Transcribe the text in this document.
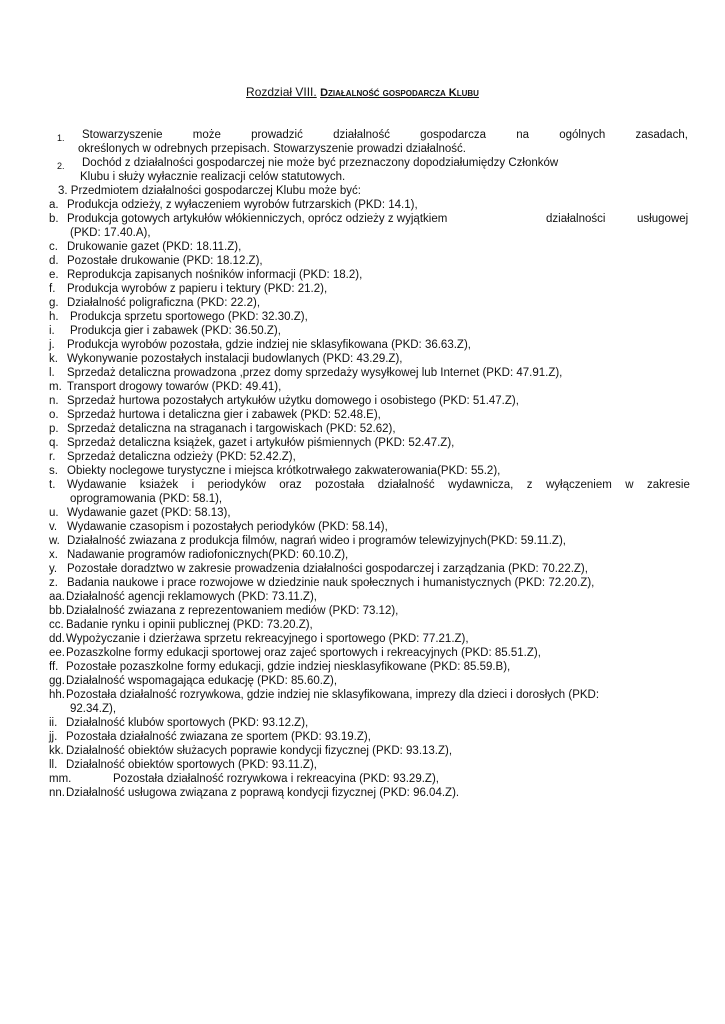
Rozdział VIII. Działalność gospodarcza Klubu
1. Stowarzyszenie	może	prowadzić	działalność	gospodarcza	na	ogólnych	zasadach,
określonych w odrebnych przepisach. Stowarzyszenie prowadzi działalność.
2. Dochód z działalności gospodarczej nie może być przeznaczony dopodziałumiędzy Członków
Klubu i służy wyłacznie realizacji celów statutowych.
3. Przedmiotem działalności gospodarczej Klubu może być:
a. Produkcja odzieży, z wyłaczeniem wyrobów futrzarskich (PKD: 14.1),
b. Produkcja gotowych artykułów włókienniczych, oprócz odzieży z wyjątkiem	działalności	usługowej
(PKD: 17.40.A),
c. Drukowanie gazet (PKD: 18.11.Z),
d. Pozostałe drukowanie (PKD: 18.12.Z),
e. Reprodukcja zapisanych nośników informacji (PKD: 18.2),
f. Produkcja wyrobów z papieru i tektury (PKD: 21.2),
g. Działalność poligraficzna (PKD: 22.2),
h. Produkcja sprzetu sportowego (PKD: 32.30.Z),
i. Produkcja gier i zabawek (PKD: 36.50.Z),
j. Produkcja wyrobów pozostała, gdzie indziej nie sklasyfikowana (PKD: 36.63.Z),
k. Wykonywanie pozostałych instalacji budowlanych (PKD: 43.29.Z),
l. Sprzedaż detaliczna prowadzona ,przez domy sprzedaży wysyłkowej lub Internet (PKD: 47.91.Z),
m. Transport drogowy towarów (PKD: 49.41),
n. Sprzedaż hurtowa pozostałych artykułów użytku domowego i osobistego (PKD: 51.47.Z),
o. Sprzedaż hurtowa i detaliczna gier i zabawek (PKD: 52.48.E),
p. Sprzedaż detaliczna na straganach i targowiskach (PKD: 52.62),
q. Sprzedaż detaliczna książek, gazet i artykułów piśmiennych (PKD: 52.47.Z),
r. Sprzedaż detaliczna odzieży (PKD: 52.42.Z),
s. Obiekty noclegowe turystyczne i miejsca krótkotrwałego zakwaterowania(PKD: 55.2),
t. Wydawanie ksiażek i periodyków oraz pozostała działalność wydawnicza, z wyłączeniem w zakresie
oprogramowania (PKD: 58.1),
u. Wydawanie gazet (PKD: 58.13),
v. Wydawanie czasopism i pozostałych periodyków (PKD: 58.14),
w. Działalność zwiazana z produkcja filmów, nagrań wideo i programów telewizyjnych(PKD: 59.11.Z),
x. Nadawanie programów radiofonicznych(PKD: 60.10.Z),
y. Pozostałe doradztwo w zakresie prowadzenia działalności gospodarczej i zarządzania (PKD: 70.22.Z),
z. Badania naukowe i prace rozwojowe w dziedzinie nauk społecznych i humanistycznych (PKD: 72.20.Z),
aa. Działalność agencji reklamowych (PKD: 73.11.Z),
bb. Działalność zwiazana z reprezentowaniem mediów (PKD: 73.12),
cc. Badanie rynku i opinii publicznej (PKD: 73.20.Z),
dd. Wypożyczanie i dzierżawa sprzetu rekreacyjnego i sportowego (PKD: 77.21.Z),
ee. Pozaszkolne formy edukacji sportowej oraz zajeć sportowych i rekreacyjnych (PKD: 85.51.Z),
ff. Pozostałe pozaszkolne formy edukacji, gdzie indziej niesklasyfikowane (PKD: 85.59.B),
gg. Działalność wspomagająca edukację (PKD: 85.60.Z),
hh. Pozostała działalność rozrywkowa, gdzie indziej nie sklasyfikowana, imprezy dla dzieci i dorosłych (PKD:
92.34.Z),
ii. Działalność klubów sportowych (PKD: 93.12.Z),
jj. Pozostała działalność zwiazana ze sportem (PKD: 93.19.Z),
kk. Działalność obiektów służacych poprawie kondycji fizycznej (PKD: 93.13.Z),
ll. Działalność obiektów sportowych (PKD: 93.11.Z),
mm.	Pozostała działalność rozrywkowa i rekreacyina (PKD: 93.29.Z),
nn. Działalność usługowa związana z poprawą kondycji fizycznej (PKD: 96.04.Z).
